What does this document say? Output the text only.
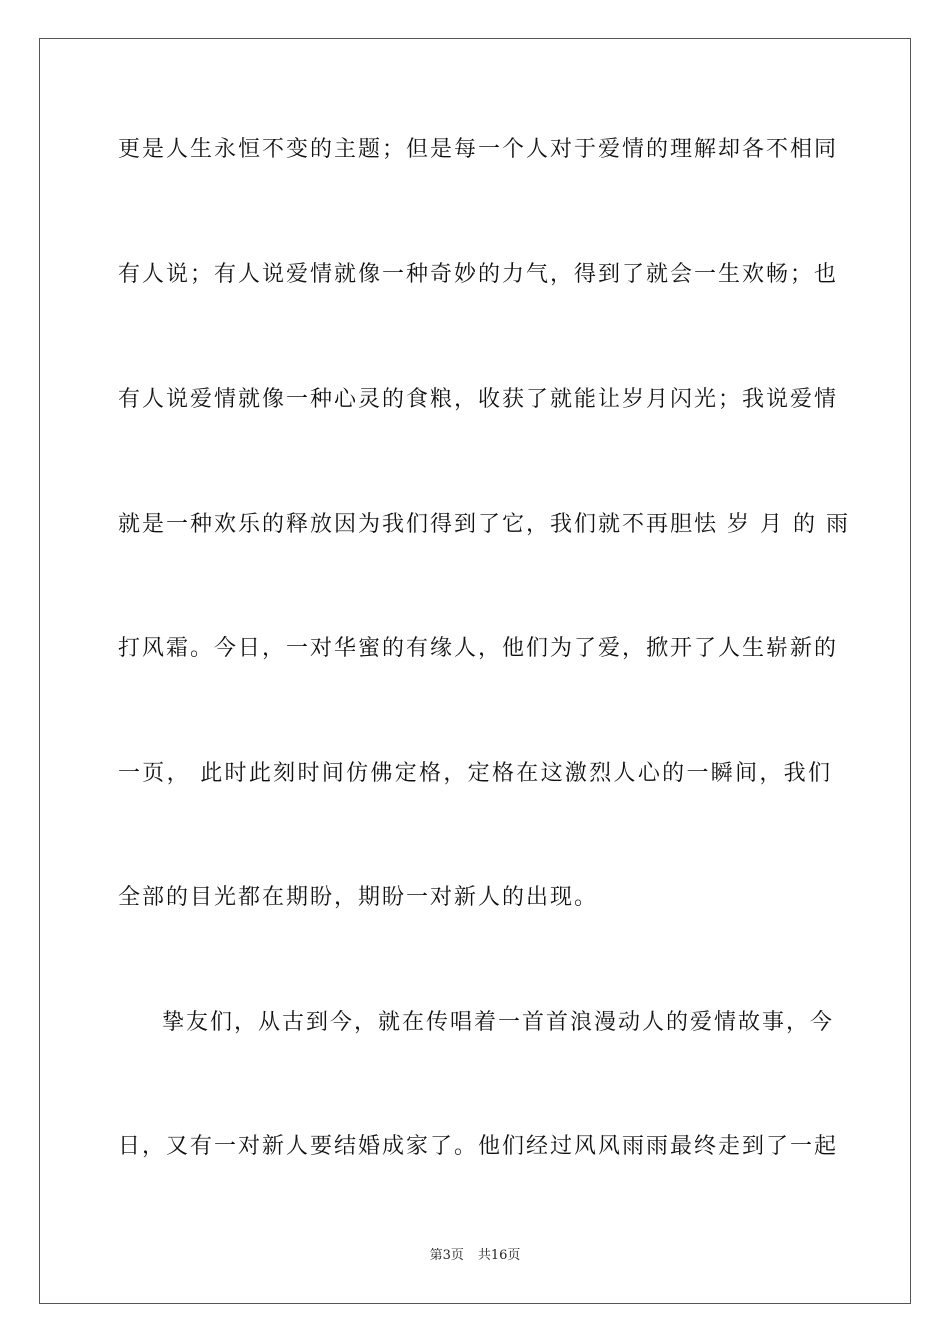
更是人生永恒不变的主题；但是每一个人对于爱情的理解却各不相同
有人说；有人说爱情就像一种奇妙的力气，得到了就会一生欢畅；也
有人说爱情就像一种心灵的食粮，收获了就能让岁月闪光；我说爱情
就是一种欢乐的释放因为我们得到了它，我们就不再胆怯 岁 月 的 雨
打风霜。今日，一对华蜜的有缘人，他们为了爱，掀开了人生崭新的
一页， 此时此刻时间仿佛定格，定格在这激烈人心的一瞬间，我们
全部的目光都在期盼，期盼一对新人的出现。
挚友们，从古到今，就在传唱着一首首浪漫动人的爱情故事，今
日，又有一对新人要结婚成家了。他们经过风风雨雨最终走到了一起
第3页 共16页
